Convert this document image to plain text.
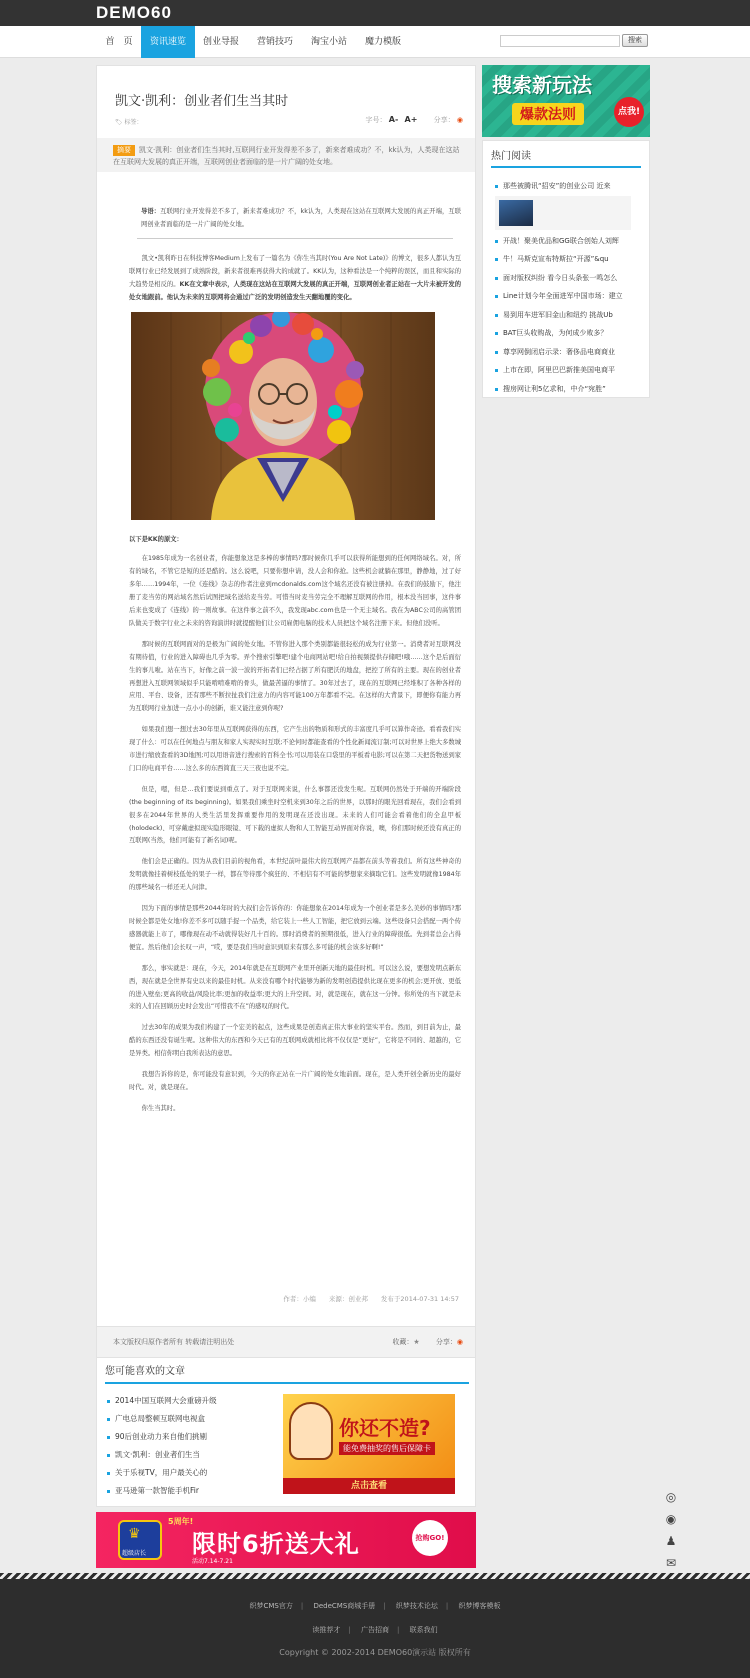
DEMO60
首　页	资讯速览	创业导报	营销技巧	淘宝小站	魔力模版	搜索
凯文·凯利：创业者们生当其时
🏷 标签：	字号： A- A+ 分享： ◉
摘要 凯文·凯利：创业者们生当其时,互联网行业开发得差不多了，新来者难成功？不，kk认为，人类现在这站在互联网大发展的真正开端，互联网创业者面临的是一片广阔的处女地。

导语：互联网行业开发得差不多了，新来者难成功？不，kk认为，人类现在这站在互联网大发展的真正开端，互联网创业者面临的是一片广阔的处女地。

凯文•凯利昨日在科技博客Medium上发布了一篇名为《你生当其时(You Are Not Late)》的博文，很多人都认为互联网行业已经发展到了成熟阶段，新来者很难再获得大的成就了。KK认为，这种看法是一个纯粹的误区，而且和实际的大趋势是相反的。KK在文章中表示，人类现在这站在互联网大发展的真正开端，互联网创业者正站在一大片未被开发的处女地跟前。他认为未来的互联网将会通过广泛的发明创造发生天翻地覆的变化。

以下是KK的原文：

在1985年成为一名创业者，你能想象这是多棒的事情吗?那时候你几乎可以获得所能想到的任何网络域名。对，所有的域名，不管它是短的还是酷的。这么说吧，只要你想申请，没人会和你抢。这些机会就躺在那里，静静地，过了好多年……1994年，一位《连线》杂志的作者注意到mcdonalds.com这个域名还没有被注册掉。在我们的鼓励下，他注册了麦当劳的网站域名然后试图把域名送给麦当劳。可惜当时麦当劳完全不理解互联网的作用，根本没当回事，这件事后来也变成了《连线》的一则故事。在这件事之前不久，我发现abc.com也是一个无主域名。我在为ABC公司的高管团队做关于数字行业之未来的咨询演讲时就提醒他们让公司雇佣电脑的技术人员把这个域名注册下来。但他们没听。

那时候的互联网面对的是极为广阔的处女地。不管你进入那个类别都能很轻松的成为行业第一。消费者对互联网没有期待值，行业的进入障碍也几乎为零。弄个搜索引擎吧!建个电商网站吧!给自拍视频提供存储吧!哦……这个是后面衍生的事儿啦。站在当下，好像之前一波一波的开拓者们已经占据了所有肥沃的地盘，把控了所有的主要。现在的创业者再想进入互联网领域似乎只能啃啃难啃的骨头，做最苦逼的事情了。30年过去了，现在的互联网已经堆积了各种各样的应用、平台、设备，还有那些不断拉扯我们注意力的内容可能100万年都看不完。在这样的大背景下，即便你有能力再为互联网行业加进一点小小的创新，谁又能注意到你呢?

如果我们想一想过去30年里从互联网获得的东西，它产生出的物质和形式的丰富度几乎可以算作奇迹。看看我们实现了什么：可以在任何地点与朋友和家人实现实时互联;不论何时都能查看的个性化新闻流订制;可以对世界上绝大多数城市进行缩放查看的3D地图;可以用语音进行搜索的百科全书;可以用装在口袋里的平板看电影;可以在第二天把货物送到家门口的电商平台……这么多的东西简直三天三夜也说不完。

但是，嗯，但是…我们要说到重点了。对于互联网来说，什么事都还没发生呢。互联网仍然处于开端的开端阶段(the beginning of its beginning)。如果我们乘坐时空机来到30年之后的世界，以那时的眼光回看现在，我们会看到很多在2044年世界的人类生活里发挥重要作用的发明现在还没出现。未来的人们可能会看着他们的全息甲板(holodeck)、可穿戴虚拟现实隐形眼镜、可下载的虚拟人物和人工智能互动界面对你说，噢，你们那时候还没有真正的互联网(当然，他们可能有了新名词)呢。

他们会是正确的。因为从我们目前的视角看，本世纪前叶最伟大的互联网产品都在前头等着我们。所有这些神奇的发明就像挂着树枝低处的果子一样，都在等待那个疯狂的、不相信有不可能的梦想家来摘取它们。这些发明就像1984年的那些域名一样还无人问津。

因为下面的事情是那些2044年时的大叔们会告诉你的：你能想象在2014年成为一个创业者是多么美妙的事情吗?那时候全都是处女地!你差不多可以随手捉一个品类，给它装上一些人工智能，把它放到云端。这些设备只会搭配一两个传感器就能上市了，哪像现在动不动就得装好几十百的。那时消费者的预期很低，进入行业的障碍很低。先到者总会占得便宜。然后他们会长叹一声，“哎，要是我们当时意识到原来有那么多可能的机会该多好啊!”

那么，事实就是：现在，今天，2014年就是在互联网产业里开创新天地的最佳时机。可以这么说，要想发明点新东西，现在就是全世界有史以来的最佳时机。从来没有哪个时代能够为新的发明创造提供比现在更多的机会;更开放、更低的进入壁垒;更高的收益/风险比率;更加的收益率;更大的上升空间。对，就是现在，就在这一分钟。你所处的当下就是未来的人们在回顾历史时会发出“可惜我不在”的感叹的时代。

过去30年的成果为我们构建了一个宏美的起点，这些成果是创造真正伟大事业的坚实平台。然而，到目前为止，最酷的东西还没有诞生呢。这种伟大的东西和今天已有的互联网成就相比将不仅仅是“更好”，它将是不同的、超越的，它是异类。相信你明白我所表达的意思。

我想告诉你的是，你可能没有意识到，今天的你正站在一片广阔的处女地前面。现在，是人类开创全新历史的最好时代。对，就是现在。

你生当其时。

作者：小编　　来源：创业邦　　发布于2014-07-31 14:57
本文版权归原作者所有 转载请注明出处	收藏：★ 分享：◉
您可能喜欢的文章
2014中国互联网大会重磅升级
广电总局整顿互联网电视盒
90后创业动力来自他们挑剔
凯文·凯利：创业者们生当
关于乐视TV，用户最关心的
亚马逊第一款智能手机Fir
你还不造?
能免费抽奖的售后保障卡
点击查看
♛
超级店长
5周年!
限时6折送大礼
活动7.14-7.21
抢购GO!
搜索新玩法
爆款法则	点我!
热门阅读
那些被腾讯“招安”的创业公司 近来
开战！聚美优品和GG联合创始人刘辉
牛！马斯克宣布特斯拉“开源”&qu
面对版权纠纷 看今日头条张一鸣怎么
Line计划今年全面进军中国市场：建立
易到用车进军旧金山和纽约 挑战Ub
BAT巨头收购战，为何成少败多？
尊享网倒闭启示录：奢侈品电商商业
上市在即，阿里巴巴新推美国电商平
搜房网让利5亿求和，中介“宛胜”
◎
◉
♟
✉
织梦CMS官方 | DedeCMS商城手册 | 织梦技术论坛 | 织梦博客模板
读推荐才 | 广告招商 | 联系我们
Copyright © 2002-2014 DEMO60演示站 版权所有
